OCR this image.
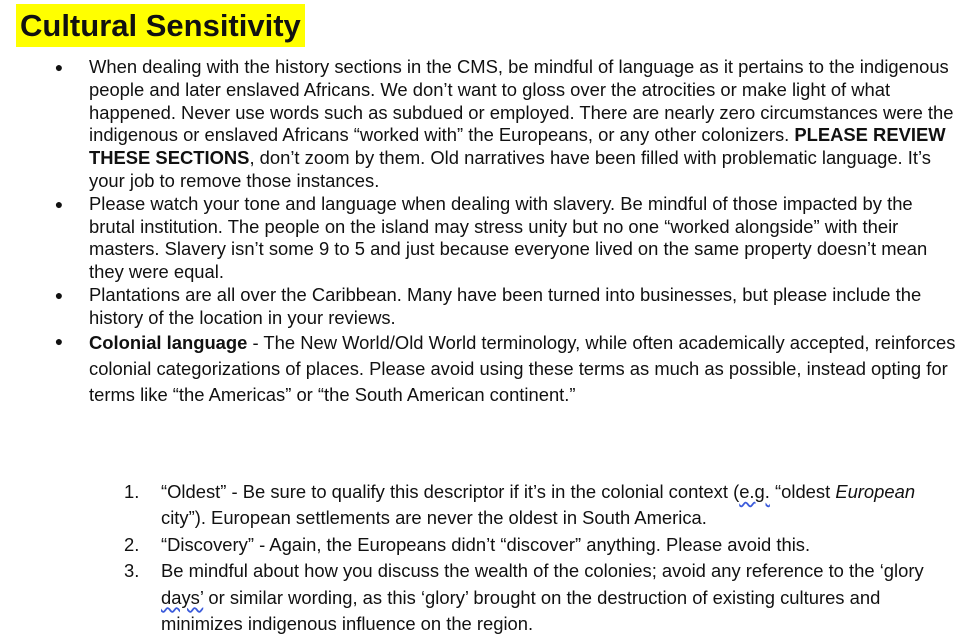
Cultural Sensitivity
● When dealing with the history sections in the CMS, be mindful of language as it pertains to the indigenous people and later enslaved Africans. We don’t want to gloss over the atrocities or make light of what happened. Never use words such as subdued or employed. There are nearly zero circumstances were the indigenous or enslaved Africans “worked with” the Europeans, or any other colonizers. PLEASE REVIEW THESE SECTIONS, don’t zoom by them. Old narratives have been filled with problematic language. It’s your job to remove those instances.
● Please watch your tone and language when dealing with slavery. Be mindful of those impacted by the brutal institution. The people on the island may stress unity but no one “worked alongside” with their masters. Slavery isn’t some 9 to 5 and just because everyone lived on the same property doesn’t mean they were equal.
● Plantations are all over the Caribbean. Many have been turned into businesses, but please include the history of the location in your reviews.
● Colonial language - The New World/Old World terminology, while often academically accepted, reinforces colonial categorizations of places. Please avoid using these terms as much as possible, instead opting for terms like “the Americas” or “the South American continent.”
1. “Oldest” - Be sure to qualify this descriptor if it’s in the colonial context (e.g. “oldest European city”). European settlements are never the oldest in South America.
2. “Discovery” - Again, the Europeans didn’t “discover” anything. Please avoid this.
3. Be mindful about how you discuss the wealth of the colonies; avoid any reference to the ‘glory days’ or similar wording, as this ‘glory’ brought on the destruction of existing cultures and minimizes indigenous influence on the region.
